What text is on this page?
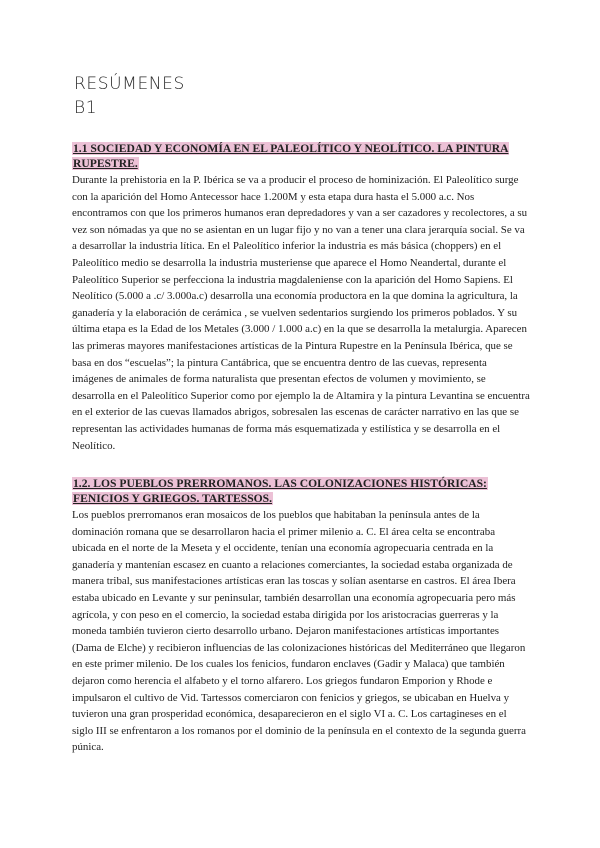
RESÚMENES
B1
1.1 SOCIEDAD Y ECONOMÍA EN EL PALEOLÍTICO Y NEOLÍTICO. LA PINTURA RUPESTRE.

Durante la prehistoria en la P. Ibérica se va a producir el proceso de hominización. El Paleolítico surge con la aparición del Homo Antecessor hace 1.200M y esta etapa dura hasta el 5.000 a.c. Nos encontramos con que los primeros humanos eran depredadores y van a ser cazadores y recolectores, a su vez son nómadas ya que no se asientan en un lugar fijo y no van a tener una clara jerarquía social. Se va a desarrollar la industria lítica. En el Paleolítico inferior la industria es más básica (choppers) en el Paleolítico medio se desarrolla la industria musteriense que aparece el Homo Neandertal, durante el Paleolítico Superior se perfecciona la industria magdaleniense con la aparición del Homo Sapiens. El Neolítico (5.000 a .c/ 3.000a.c) desarrolla una economía productora en la que domina la agricultura, la ganadería y la elaboración de cerámica , se vuelven sedentarios surgiendo los primeros poblados. Y su última etapa es la Edad de los Metales (3.000 / 1.000 a.c) en la que se desarrolla la metalurgia. Aparecen las primeras mayores manifestaciones artísticas de la Pintura Rupestre en la Península Ibérica, que se basa en dos “escuelas”; la pintura Cantábrica, que se encuentra dentro de las cuevas, representa imágenes de animales de forma naturalista que presentan efectos de volumen y movimiento, se desarrolla en el Paleolítico Superior como por ejemplo la de Altamira y la pintura Levantina se encuentra en el exterior de las cuevas llamados abrigos, sobresalen las escenas de carácter narrativo en las que se representan las actividades humanas de forma más esquematizada y estilística y se desarrolla en el Neolítico.

1.2. LOS PUEBLOS PRERROMANOS. LAS COLONIZACIONES HISTÓRICAS: FENICIOS Y GRIEGOS. TARTESSOS.

Los pueblos prerromanos eran mosaicos de los pueblos que habitaban la península antes de la dominación romana que se desarrollaron hacia el primer milenio a. C. El área celta se encontraba ubicada en el norte de la Meseta y el occidente, tenían una economía agropecuaria centrada en la ganadería y mantenían escasez en cuanto a relaciones comerciantes, la sociedad estaba organizada de manera tribal, sus manifestaciones artísticas eran las toscas y solían asentarse en castros. El área Ibera estaba ubicado en Levante y sur peninsular, también desarrollan una economía agropecuaria pero más agrícola, y con peso en el comercio, la sociedad estaba dirigida por los aristocracias guerreras y la moneda también tuvieron cierto desarrollo urbano. Dejaron manifestaciones artísticas importantes (Dama de Elche) y recibieron influencias de las colonizaciones históricas del Mediterráneo que llegaron en este primer milenio. De los cuales los fenicios, fundaron enclaves (Gadir y Malaca) que también dejaron como herencia el alfabeto y el torno alfarero. Los griegos fundaron Emporion y Rhode e impulsaron el cultivo de Vid. Tartessos comerciaron con fenicios y griegos, se ubicaban en Huelva y tuvieron una gran prosperidad económica, desaparecieron en el siglo VI a. C. Los cartagineses en el siglo III se enfrentaron a los romanos por el dominio de la península en el contexto de la segunda guerra púnica.
